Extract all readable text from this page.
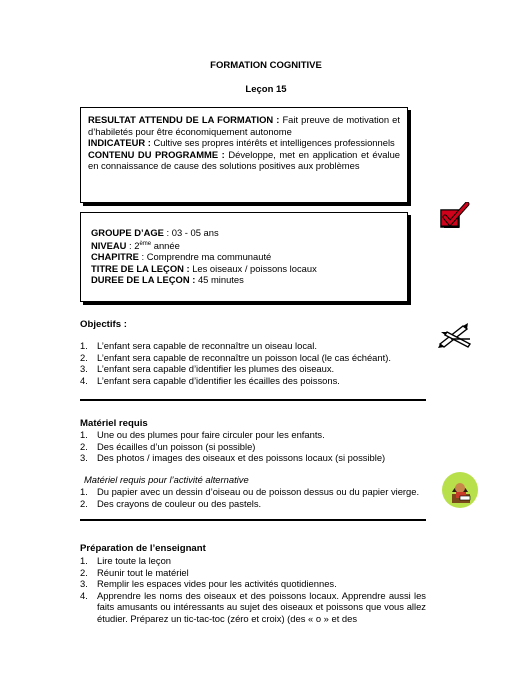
FORMATION COGNITIVE
Leçon 15
RESULTAT ATTENDU DE LA FORMATION : Fait preuve de motivation et d’habiletés pour être économiquement autonome
INDICATEUR : Cultive ses propres intérêts et intelligences professionnels
CONTENU DU PROGRAMME : Développe, met en application et évalue en connaissance de cause des solutions positives aux problèmes
GROUPE D’AGE : 03 - 05 ans
NIVEAU : 2ème année
CHAPITRE : Comprendre ma communauté
TITRE DE LA LEÇON : Les oiseaux / poissons locaux
DUREE DE LA LEÇON : 45 minutes
Objectifs :
1. L’enfant sera capable de reconnaître un oiseau local.
2. L’enfant sera capable de reconnaître un poisson local (le cas échéant).
3. L’enfant sera capable d’identifier les plumes des oiseaux.
4. L’enfant sera capable d’identifier les écailles des poissons.
Matériel requis
1. Une ou des plumes pour faire circuler pour les enfants.
2. Des écailles d’un poisson (si possible)
3. Des photos / images des oiseaux et des poissons locaux (si possible)
Matériel requis pour l’activité alternative
1. Du papier avec un dessin d’oiseau ou de poisson dessus ou du papier vierge.
2. Des crayons de couleur ou des pastels.
Préparation de l’enseignant
1. Lire toute la leçon
2. Réunir tout le matériel
3. Remplir les espaces vides pour les activités quotidiennes.
4. Apprendre les noms des oiseaux et des poissons locaux. Apprendre aussi les faits amusants ou intéressants au sujet des oiseaux et poissons que vous allez étudier. Préparez un tic-tac-toc (zéro et croix) (des « o » et des
